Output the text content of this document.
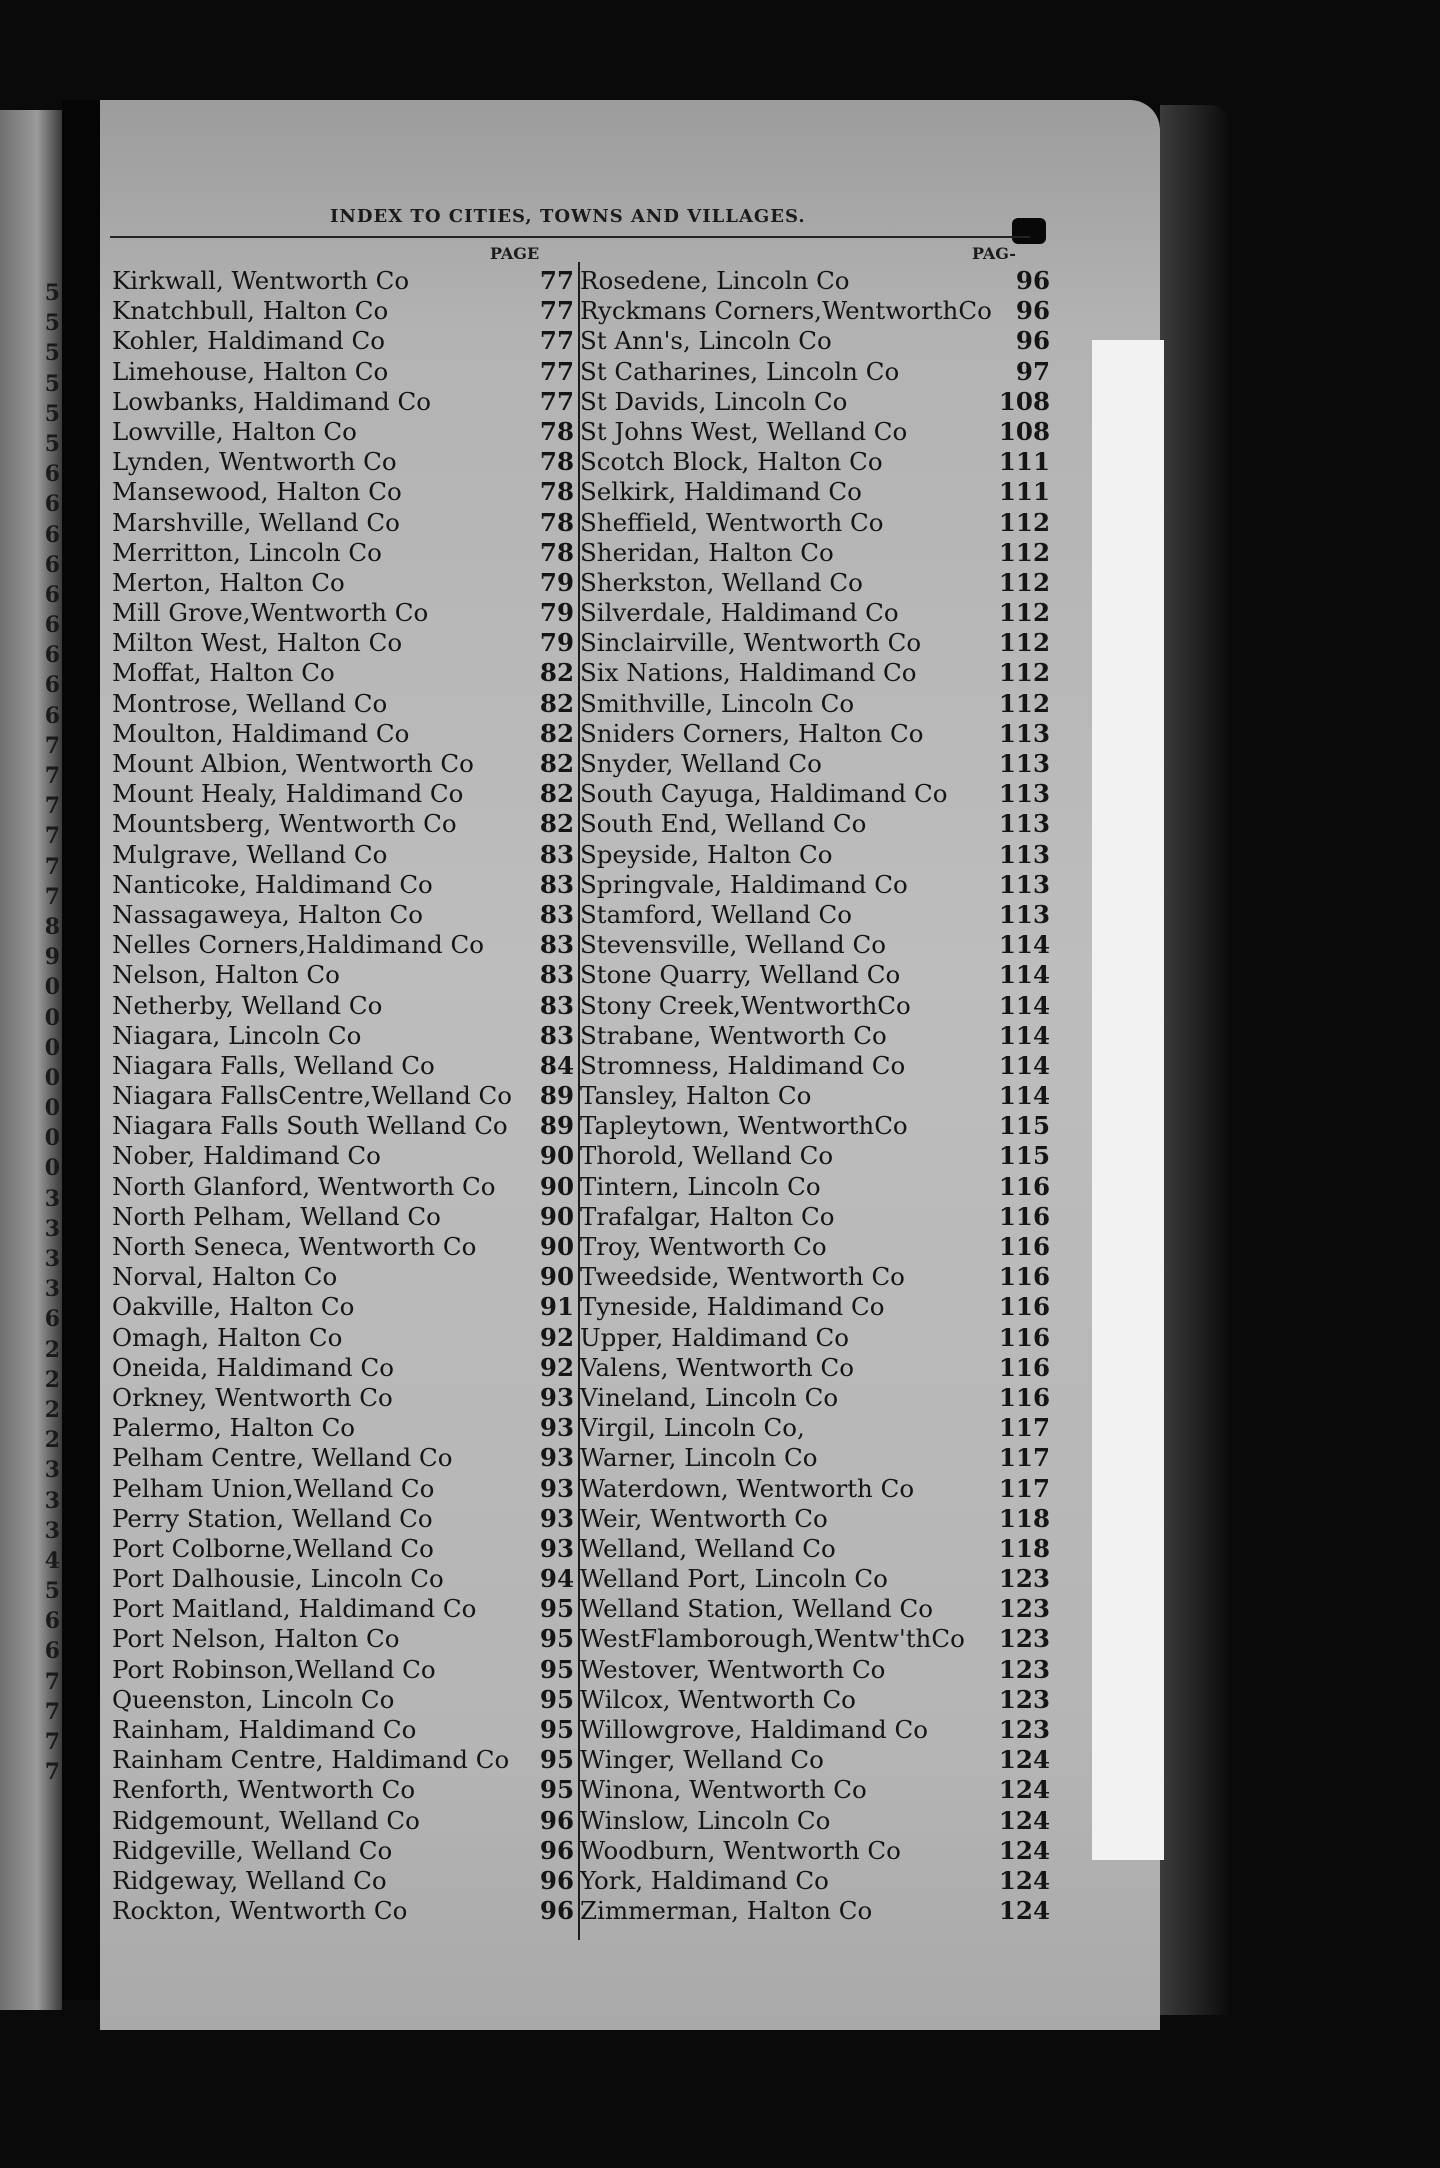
5
5
5
5
5
5
6
6
6
6
6
6
6
6
6
7
7
7
7
7
7
8
9
0
0
0
0
0
0
0
3
3
3
3
6
2
2
2
2
3
3
3
4
5
6
6
7
7
7
7
INDEX TO CITIES, TOWNS AND VILLAGES.
PAGE	PAG-
Kirkwall, Wentworth Co	77
Knatchbull, Halton Co	77
Kohler, Haldimand Co	77
Limehouse, Halton Co	77
Lowbanks, Haldimand Co	77
Lowville, Halton Co	78
Lynden, Wentworth Co	78
Mansewood, Halton Co	78
Marshville, Welland Co	78
Merritton, Lincoln Co	78
Merton, Halton Co	79
Mill Grove,Wentworth Co	79
Milton West, Halton Co	79
Moffat, Halton Co	82
Montrose, Welland Co	82
Moulton, Haldimand Co	82
Mount Albion, Wentworth Co	82
Mount Healy, Haldimand Co	82
Mountsberg, Wentworth Co	82
Mulgrave, Welland Co	83
Nanticoke, Haldimand Co	83
Nassagaweya, Halton Co	83
Nelles Corners,Haldimand Co	83
Nelson, Halton Co	83
Netherby, Welland Co	83
Niagara, Lincoln Co	83
Niagara Falls, Welland Co	84
Niagara FallsCentre,Welland Co	89
Niagara Falls South Welland Co	89
Nober, Haldimand Co	90
North Glanford, Wentworth Co	90
North Pelham, Welland Co	90
North Seneca, Wentworth Co	90
Norval, Halton Co	90
Oakville, Halton Co	91
Omagh, Halton Co	92
Oneida, Haldimand Co	92
Orkney, Wentworth Co	93
Palermo, Halton Co	93
Pelham Centre, Welland Co	93
Pelham Union,Welland Co	93
Perry Station, Welland Co	93
Port Colborne,Welland Co	93
Port Dalhousie, Lincoln Co	94
Port Maitland, Haldimand Co	95
Port Nelson, Halton Co	95
Port Robinson,Welland Co	95
Queenston, Lincoln Co	95
Rainham, Haldimand Co	95
Rainham Centre, Haldimand Co	95
Renforth, Wentworth Co	95
Ridgemount, Welland Co	96
Ridgeville, Welland Co	96
Ridgeway, Welland Co	96
Rockton, Wentworth Co	96
Rosedene, Lincoln Co	96
Ryckmans Corners,WentworthCo 96
St Ann's, Lincoln Co	96
St Catharines, Lincoln Co	97
St Davids, Lincoln Co	108
St Johns West, Welland Co	108
Scotch Block, Halton Co	111
Selkirk, Haldimand Co	111
Sheffield, Wentworth Co	112
Sheridan, Halton Co	112
Sherkston, Welland Co	112
Silverdale, Haldimand Co	112
Sinclairville, Wentworth Co	112
Six Nations, Haldimand Co	112
Smithville, Lincoln Co	112
Sniders Corners, Halton Co	113
Snyder, Welland Co	113
South Cayuga, Haldimand Co	113
South End, Welland Co	113
Speyside, Halton Co	113
Springvale, Haldimand Co	113
Stamford, Welland Co	113
Stevensville, Welland Co	114
Stone Quarry, Welland Co	114
Stony Creek,WentworthCo	114
Strabane, Wentworth Co	114
Stromness, Haldimand Co	114
Tansley, Halton Co	114
Tapleytown, WentworthCo	115
Thorold, Welland Co	115
Tintern, Lincoln Co	116
Trafalgar, Halton Co	116
Troy, Wentworth Co	116
Tweedside, Wentworth Co	116
Tyneside, Haldimand Co	116
Upper, Haldimand Co	116
Valens, Wentworth Co	116
Vineland, Lincoln Co	116
Virgil, Lincoln Co,	117
Warner, Lincoln Co	117
Waterdown, Wentworth Co	117
Weir, Wentworth Co	118
Welland, Welland Co	118
Welland Port, Lincoln Co	123
Welland Station, Welland Co	123
WestFlamborough,Wentw'thCo	123
Westover, Wentworth Co	123
Wilcox, Wentworth Co	123
Willowgrove, Haldimand Co	123
Winger, Welland Co	124
Winona, Wentworth Co	124
Winslow, Lincoln Co	124
Woodburn, Wentworth Co	124
York, Haldimand Co	124
Zimmerman, Halton Co	124
